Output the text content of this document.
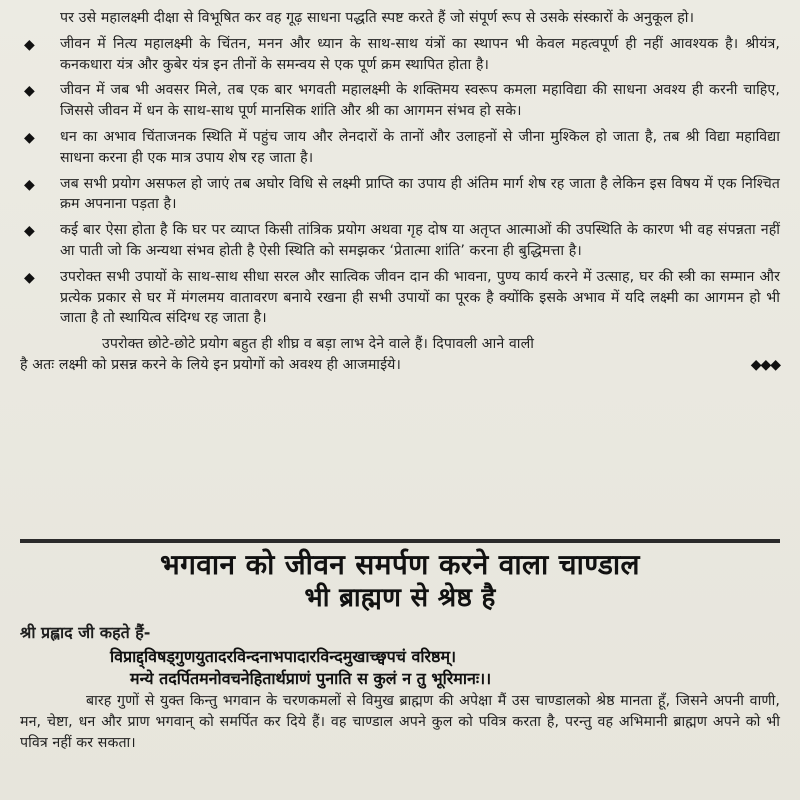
पर उसे महालक्ष्मी दीक्षा से विभूषित कर वह गूढ़ साधना पद्धति स्पष्ट करते हैं जो संपूर्ण रूप से उसके संस्कारों के अनुकूल हो।
◆	जीवन में नित्य महालक्ष्मी के चिंतन, मनन और ध्यान के साथ-साथ यंत्रों का स्थापन भी केवल महत्वपूर्ण ही नहीं आवश्यक है। श्रीयंत्र, कनकधारा यंत्र और कुबेर यंत्र इन तीनों के समन्वय से एक पूर्ण क्रम स्थापित होता है।
◆	जीवन में जब भी अवसर मिले, तब एक बार भगवती महालक्ष्मी के शक्तिमय स्वरूप कमला महाविद्या की साधना अवश्य ही करनी चाहिए, जिससे जीवन में धन के साथ-साथ पूर्ण मानसिक शांति और श्री का आगमन संभव हो सके।
◆	धन का अभाव चिंताजनक स्थिति में पहुंच जाय और लेनदारों के तानों और उलाहनों से जीना मुश्किल हो जाता है, तब श्री विद्या महाविद्या साधना करना ही एक मात्र उपाय शेष रह जाता है।
◆	जब सभी प्रयोग असफल हो जाएं तब अघोर विधि से लक्ष्मी प्राप्ति का उपाय ही अंतिम मार्ग शेष रह जाता है लेकिन इस विषय में एक निश्चित क्रम अपनाना पड़ता है।
◆	कई बार ऐसा होता है कि घर पर व्याप्त किसी तांत्रिक प्रयोग अथवा गृह दोष या अतृप्त आत्माओं की उपस्थिति के कारण भी वह संपन्नता नहीं आ पाती जो कि अन्यथा संभव होती है ऐसी स्थिति को समझकर ‘प्रेतात्मा शांति’ करना ही बुद्धिमत्ता है।
◆	उपरोक्त सभी उपायों के साथ-साथ सीधा सरल और सात्विक जीवन दान की भावना, पुण्य कार्य करने में उत्साह, घर की स्त्री का सम्मान और प्रत्येक प्रकार से घर में मंगलमय वातावरण बनाये रखना ही सभी उपायों का पूरक है क्योंकि इसके अभाव में यदि लक्ष्मी का आगमन हो भी जाता है तो स्थायित्व संदिग्ध रह जाता है।
उपरोक्त छोटे-छोटे प्रयोग बहुत ही शीघ्र व बड़ा लाभ देने वाले हैं। दिपावली आने वाली
है अतः लक्ष्मी को प्रसन्न करने के लिये इन प्रयोगों को अवश्य ही आजमाईये।	◆◆◆
भगवान को जीवन समर्पण करने वाला चाण्डाल
भी ब्राह्मण से श्रेष्ठ है
श्री प्रह्लाद जी कहते हैं-
विप्राद्द्विषड्गुणयुतादरविन्दनाभपादारविन्दमुखाच्छ्वपचं वरिष्ठम्।
मन्ये तदर्पितमनोवचनेहितार्थप्राणं पुनाति स कुलं न तु भूरिमानः।।
बारह गुणों से युक्त किन्तु भगवान के चरणकमलों से विमुख ब्राह्मण की अपेक्षा मैं उस चाण्डालको श्रेष्ठ मानता हूँ, जिसने अपनी वाणी, मन, चेष्टा, धन और प्राण भगवान् को समर्पित कर दिये हैं। वह चाण्डाल अपने कुल को पवित्र करता है, परन्तु वह अभिमानी ब्राह्मण अपने को भी पवित्र नहीं कर सकता।
